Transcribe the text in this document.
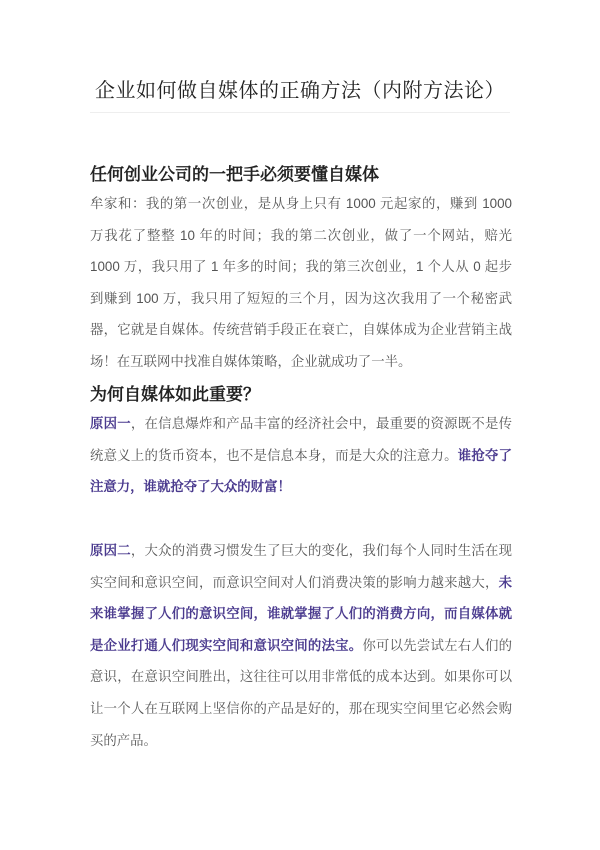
企业如何做自媒体的正确方法（内附方法论）
任何创业公司的一把手必须要懂自媒体

牟家和：我的第一次创业，是从身上只有 1000 元起家的，赚到 1000 万我花了整整 10 年的时间；我的第二次创业，做了一个网站，赔光 1000 万，我只用了 1 年多的时间；我的第三次创业，1 个人从 0 起步到赚到 100 万，我只用了短短的三个月，因为这次我用了一个秘密武器，它就是自媒体。传统营销手段正在衰亡，自媒体成为企业营销主战场！在互联网中找准自媒体策略，企业就成功了一半。

为何自媒体如此重要？

原因一，在信息爆炸和产品丰富的经济社会中，最重要的资源既不是传统意义上的货币资本，也不是信息本身，而是大众的注意力。谁抢夺了注意力，谁就抢夺了大众的财富！

原因二，大众的消费习惯发生了巨大的变化，我们每个人同时生活在现实空间和意识空间，而意识空间对人们消费决策的影响力越来越大，未来谁掌握了人们的意识空间，谁就掌握了人们的消费方向，而自媒体就是企业打通人们现实空间和意识空间的法宝。你可以先尝试左右人们的意识，在意识空间胜出，这往往可以用非常低的成本达到。如果你可以让一个人在互联网上坚信你的产品是好的，那在现实空间里它必然会购买的产品。
